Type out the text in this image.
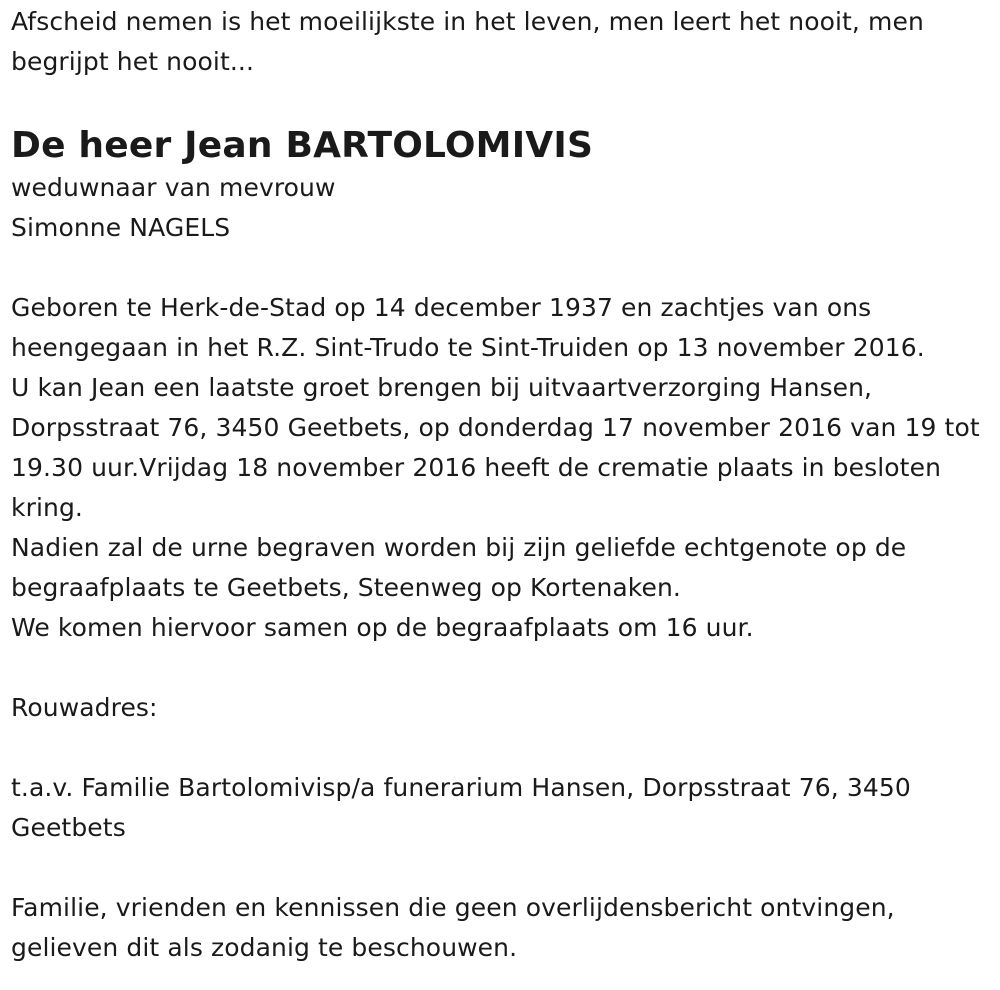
Afscheid nemen is het moeilijkste in het leven, men leert het nooit, men begrijpt het nooit...

De heer Jean BARTOLOMIVIS

weduwnaar van mevrouw

Simonne NAGELS

Geboren te Herk-de-Stad op 14 december 1937 en zachtjes van ons heengegaan in het R.Z. Sint-Trudo te Sint-Truiden op 13 november 2016.

U kan Jean een laatste groet brengen bij uitvaartverzorging Hansen, Dorpsstraat 76, 3450 Geetbets, op donderdag 17 november 2016 van 19 tot 19.30 uur.Vrijdag 18 november 2016 heeft de crematie plaats in besloten kring.

Nadien zal de urne begraven worden bij zijn geliefde echtgenote op de begraafplaats te Geetbets, Steenweg op Kortenaken.

We komen hiervoor samen op de begraafplaats om 16 uur.

Rouwadres:

t.a.v. Familie Bartolomivisp/a funerarium Hansen, Dorpsstraat 76, 3450 Geetbets

Familie, vrienden en kennissen die geen overlijdensbericht ontvingen, gelieven dit als zodanig te beschouwen.
